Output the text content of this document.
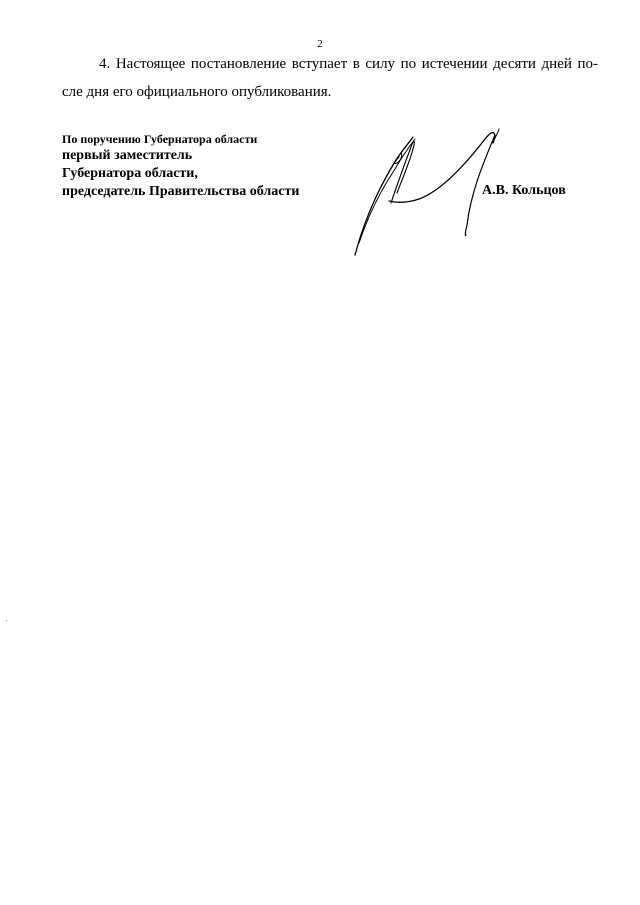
2

4. Настоящее постановление вступает в силу по истечении десяти дней по-
сле дня его официального опубликования.

По поручению Губернатора области
первый заместитель
Губернатора области,
председатель Правительства области	А.В. Кольцов
